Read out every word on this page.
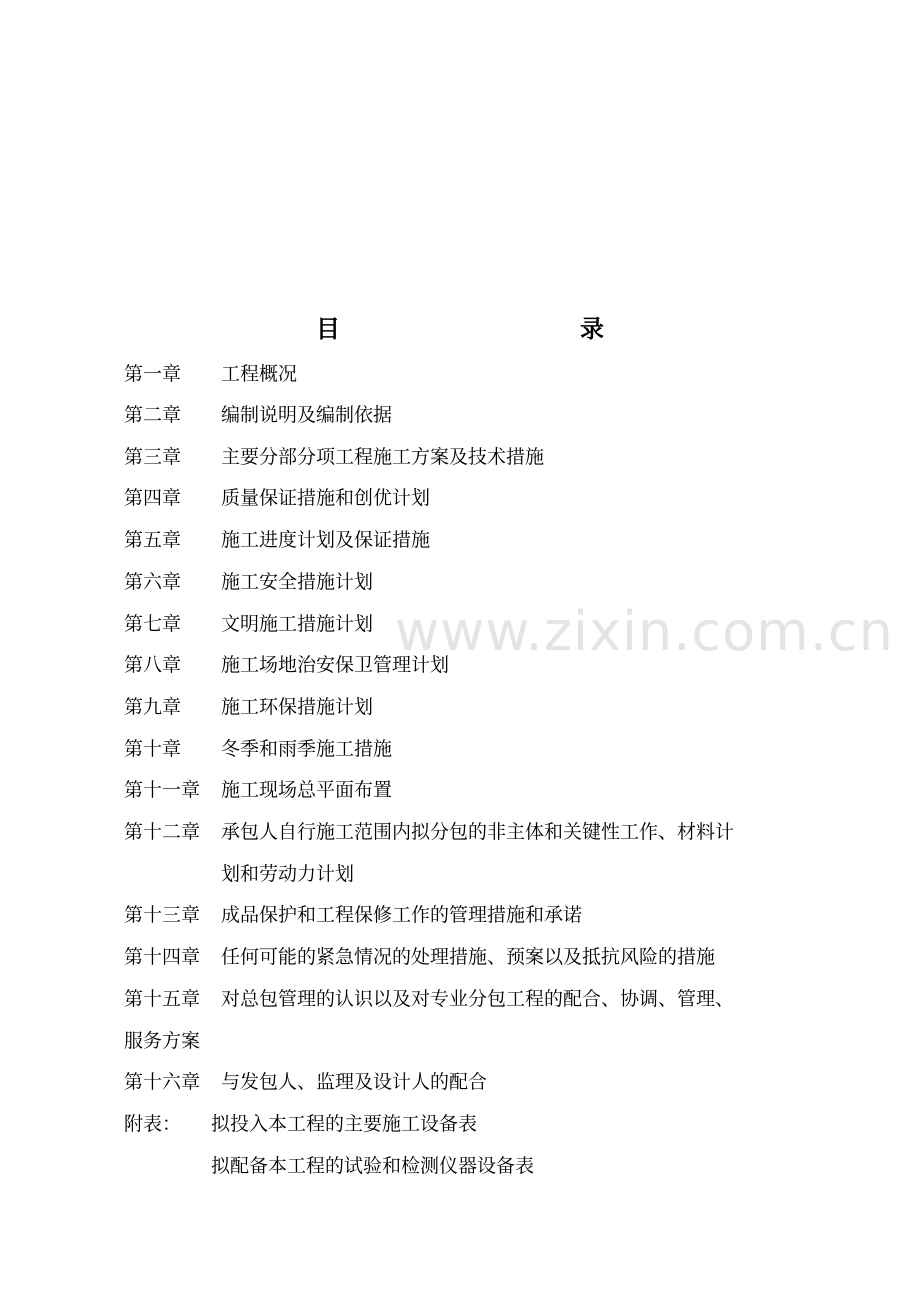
www.zixin.com.cn
目　　录
第一章 工程概况
第二章 编制说明及编制依据
第三章 主要分部分项工程施工方案及技术措施
第四章 质量保证措施和创优计划
第五章 施工进度计划及保证措施
第六章 施工安全措施计划
第七章 文明施工措施计划
第八章 施工场地治安保卫管理计划
第九章 施工环保措施计划
第十章 冬季和雨季施工措施
第十一章 施工现场总平面布置
第十二章 承包人自行施工范围内拟分包的非主体和关键性工作、材料计
划和劳动力计划
第十三章 成品保护和工程保修工作的管理措施和承诺
第十四章 任何可能的紧急情况的处理措施、预案以及抵抗风险的措施
第十五章 对总包管理的认识以及对专业分包工程的配合、协调、管理、
服务方案
第十六章 与发包人、监理及设计人的配合
附表： 拟投入本工程的主要施工设备表
拟配备本工程的试验和检测仪器设备表
